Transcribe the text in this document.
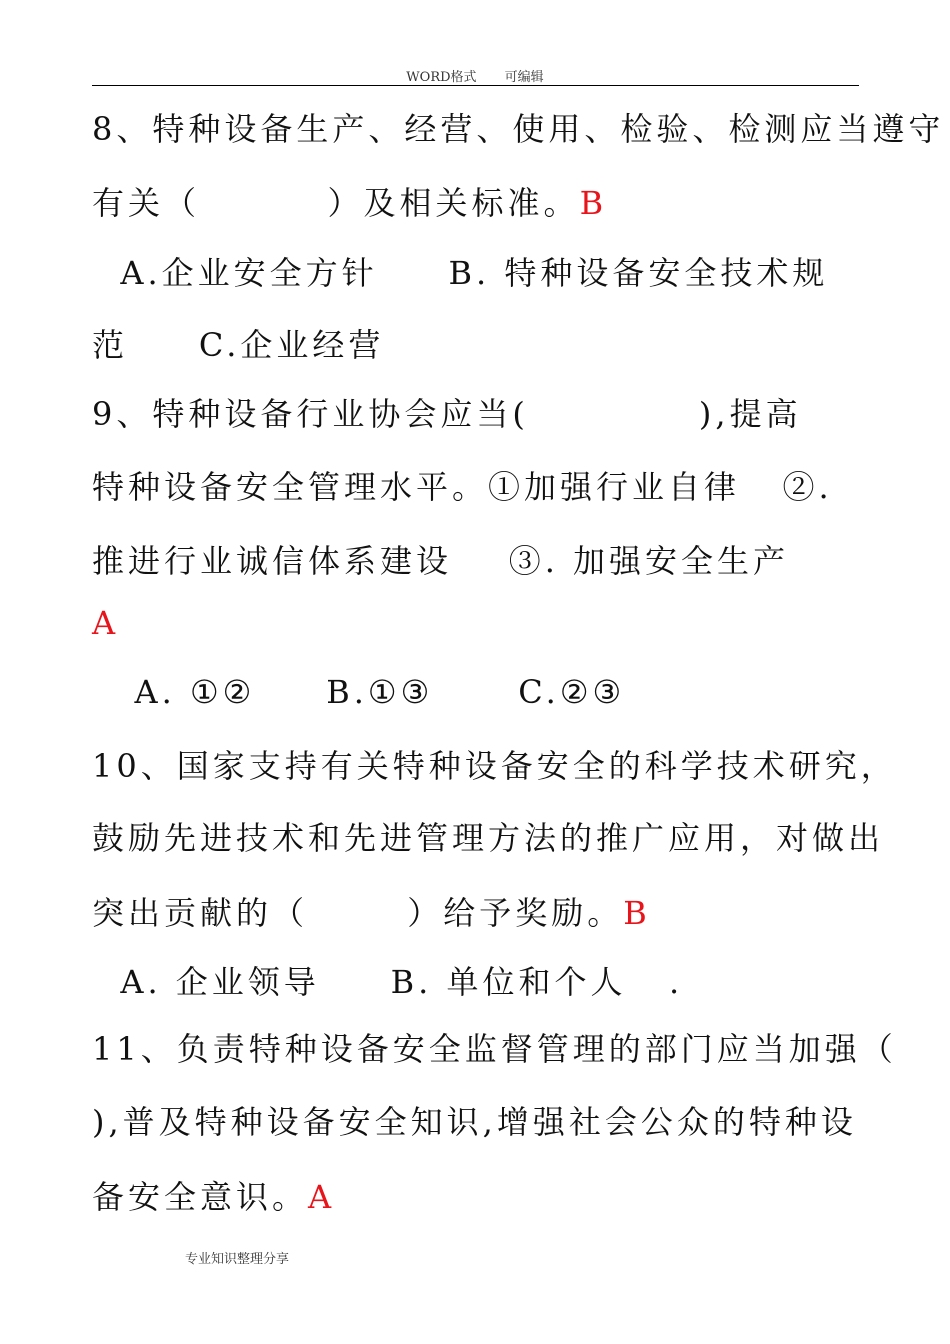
WORD格式 可编辑
8、特种设备生产、经营、使用、检验、检测应当遵守
有关（         ）及相关标准。B
A.企业安全方针     B. 特种设备安全技术规
范     C.企业经营
9、特种设备行业协会应当(            ),提高
特种设备安全管理水平。①加强行业自律   ②.
推进行业诚信体系建设    ③. 加强安全生产
A
A. ①②     B.①③      C.②③
10、国家支持有关特种设备安全的科学技术研究，
鼓励先进技术和先进管理方法的推广应用，对做出
突出贡献的（       ）给予奖励。B
A. 企业领导     B. 单位和个人   .
11、负责特种设备安全监督管理的部门应当加强（
),普及特种设备安全知识,增强社会公众的特种设
备安全意识。A
专业知识整理分享
